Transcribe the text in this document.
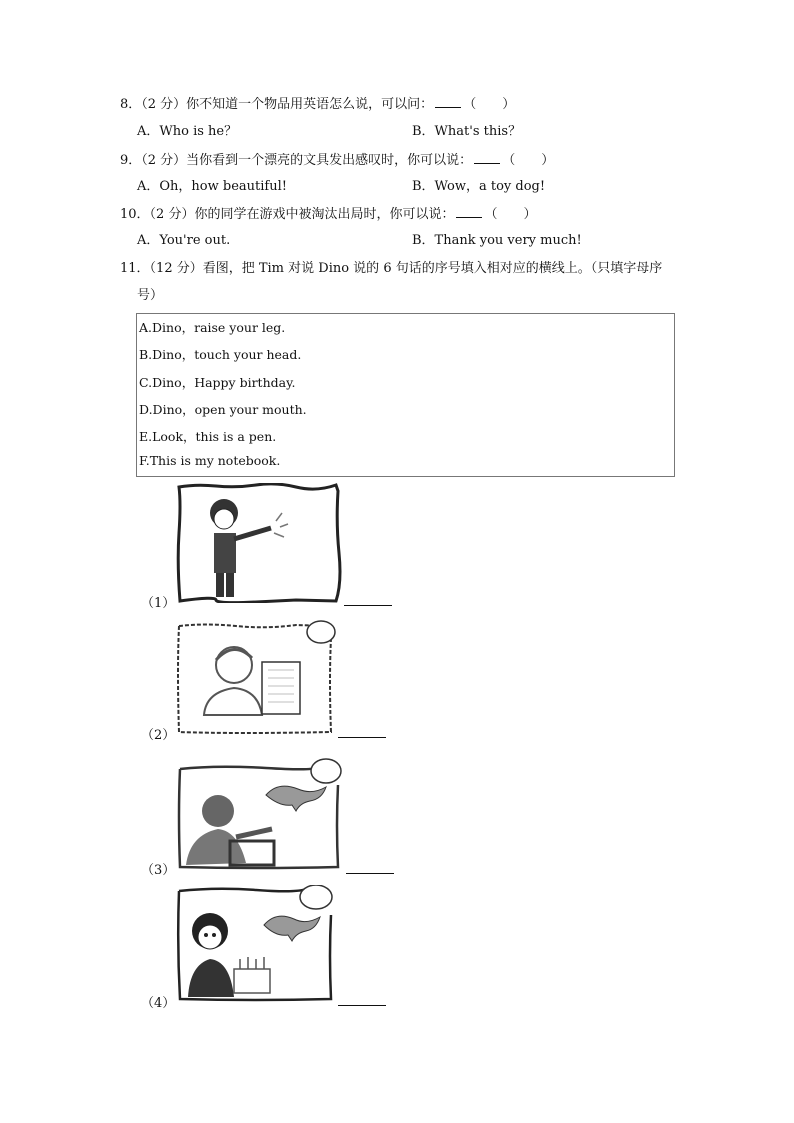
8．（2 分）你不知道一个物品用英语怎么说，可以问： （　　）
A．Who is he？	B．What's this？
9．（2 分）当你看到一个漂亮的文具发出感叹时，你可以说： （　　）
A．Oh，how beautiful!	B．Wow，a toy dog!
10．（2 分）你的同学在游戏中被淘汰出局时，你可以说： （　　）
A．You're out.	B．Thank you very much!
11．（12 分）看图，把 Tim 对说 Dino 说的 6 句话的序号填入相对应的横线上。（只填字母序
号）
A.Dino，raise your leg.
B.Dino，touch your head.
C.Dino，Happy birthday.
D.Dino，open your mouth.
E.Look，this is a pen.
F.This is my notebook.
（1）
（2）
（3）
（4）
